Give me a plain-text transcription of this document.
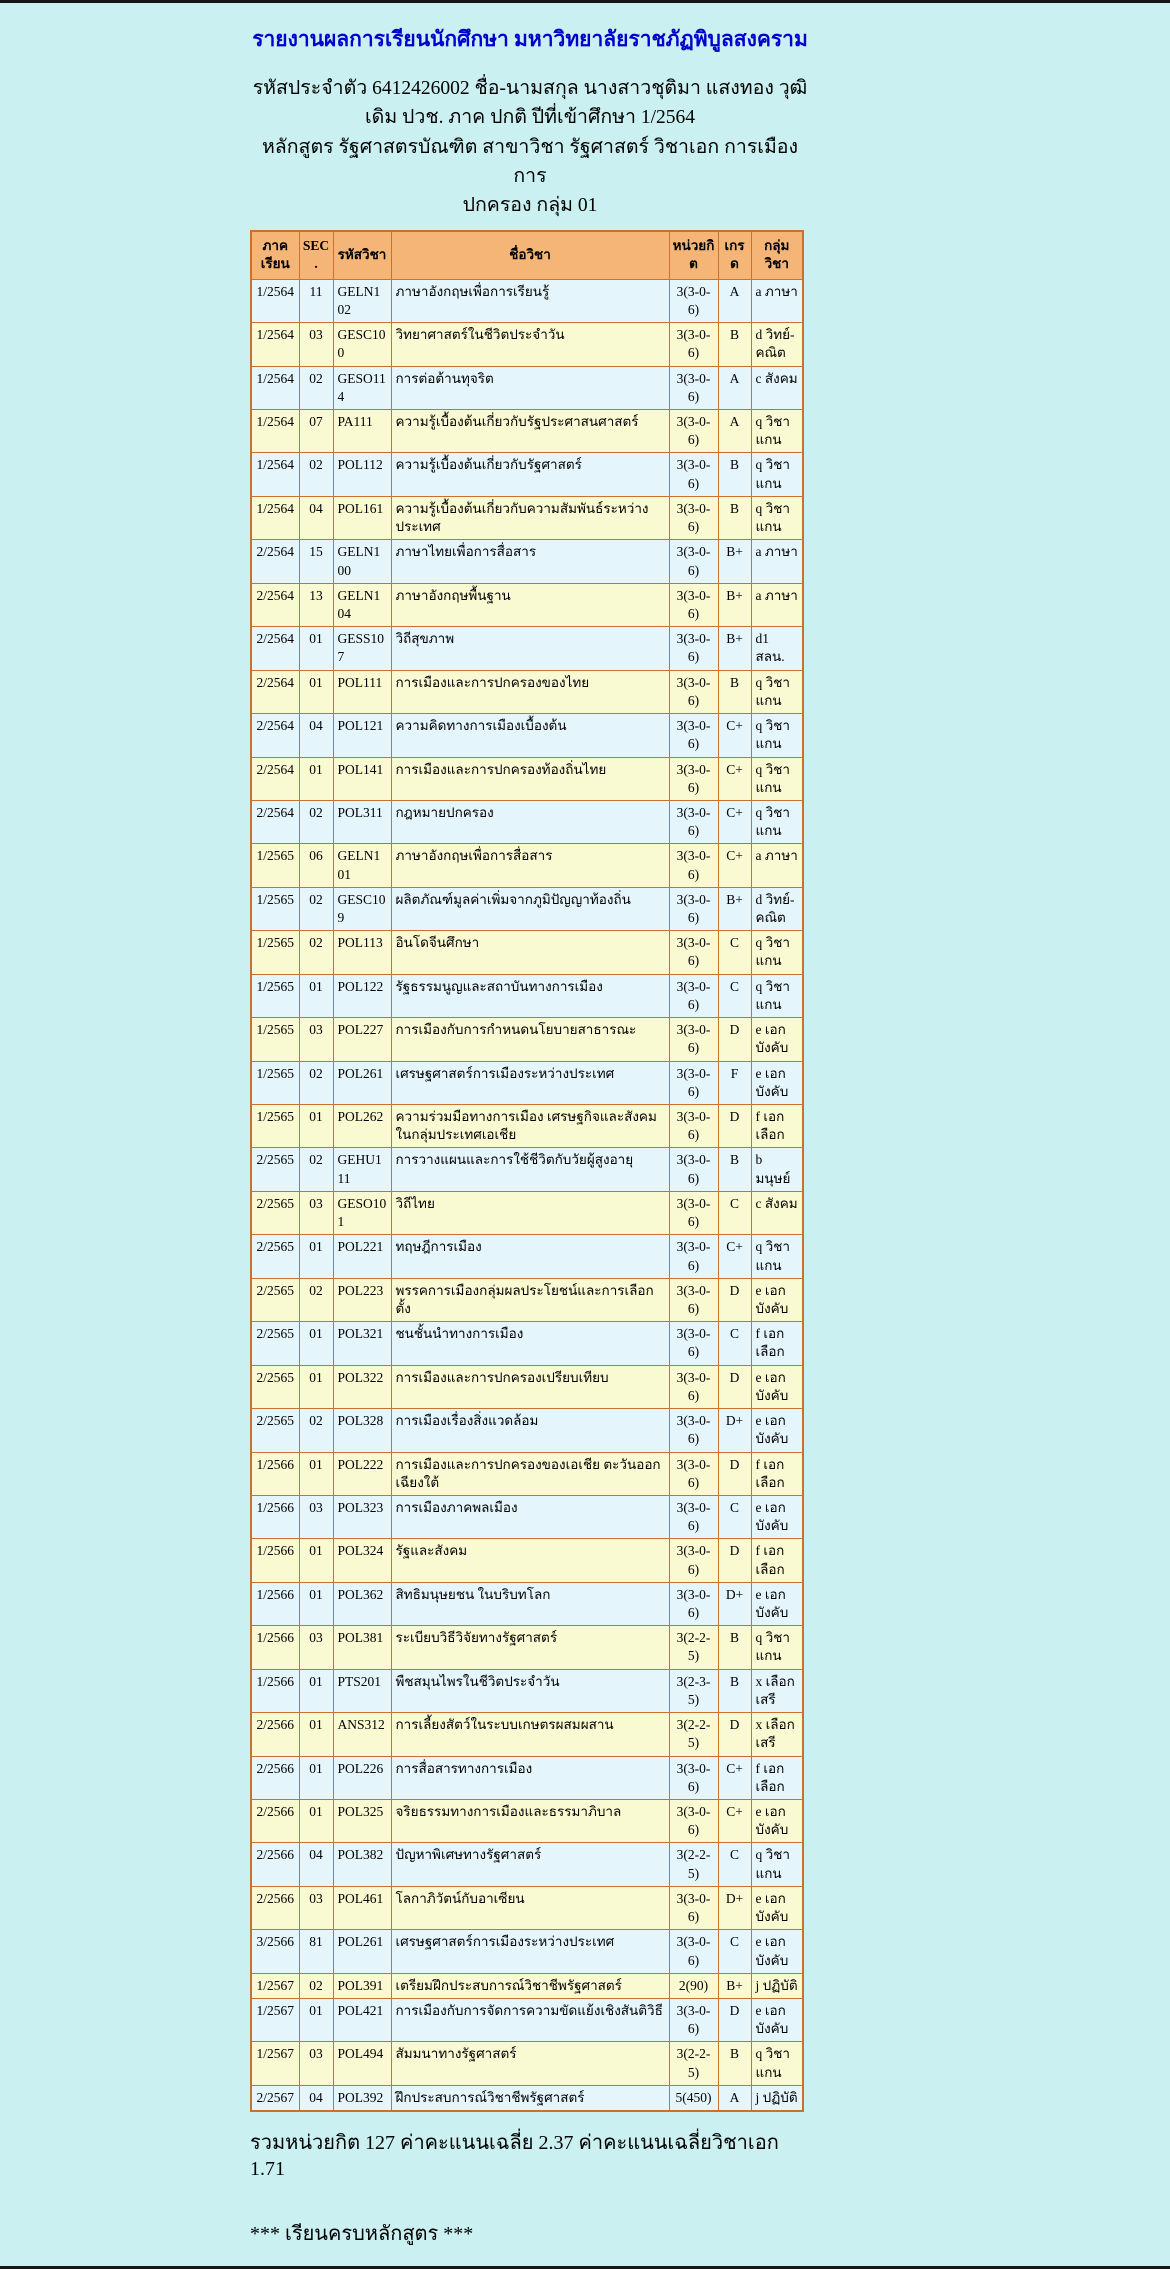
รายงานผลการเรียนนักศึกษา มหาวิทยาลัยราชภัฏพิบูลสงคราม
รหัสประจำตัว 6412426002 ชื่อ-นามสกุล นางสาวชุติมา แสงทอง วุฒิ
เดิม ปวช. ภาค ปกติ ปีที่เข้าศึกษา 1/2564
หลักสูตร รัฐศาสตรบัณฑิต สาขาวิชา รัฐศาสตร์ วิชาเอก การเมืองการ
ปกครอง กลุ่ม 01
ภาคเรียน	SEC.	รหัสวิชา	ชื่อวิชา	หน่วยกิต	เกรด	กลุ่มวิชา
1/2564	11	GELN102	ภาษาอังกฤษเพื่อการเรียนรู้	3(3-0-6)	A	a ภาษา
1/2564	03	GESC100	วิทยาศาสตร์ในชีวิตประจำวัน	3(3-0-6)	B	d วิทย์-คณิต
1/2564	02	GESO114	การต่อต้านทุจริต	3(3-0-6)	A	c สังคม
1/2564	07	PA111	ความรู้เบื้องต้นเกี่ยวกับรัฐประศาสนศาสตร์	3(3-0-6)	A	q วิชาแกน
1/2564	02	POL112	ความรู้เบื้องต้นเกี่ยวกับรัฐศาสตร์	3(3-0-6)	B	q วิชาแกน
1/2564	04	POL161	ความรู้เบื้องต้นเกี่ยวกับความสัมพันธ์ระหว่างประเทศ	3(3-0-6)	B	q วิชาแกน
2/2564	15	GELN100	ภาษาไทยเพื่อการสื่อสาร	3(3-0-6)	B+	a ภาษา
2/2564	13	GELN104	ภาษาอังกฤษพื้นฐาน	3(3-0-6)	B+	a ภาษา
2/2564	01	GESS107	วิถีสุขภาพ	3(3-0-6)	B+	d1 สลน.
2/2564	01	POL111	การเมืองและการปกครองของไทย	3(3-0-6)	B	q วิชาแกน
2/2564	04	POL121	ความคิดทางการเมืองเบื้องต้น	3(3-0-6)	C+	q วิชาแกน
2/2564	01	POL141	การเมืองและการปกครองท้องถิ่นไทย	3(3-0-6)	C+	q วิชาแกน
2/2564	02	POL311	กฎหมายปกครอง	3(3-0-6)	C+	q วิชาแกน
1/2565	06	GELN101	ภาษาอังกฤษเพื่อการสื่อสาร	3(3-0-6)	C+	a ภาษา
1/2565	02	GESC109	ผลิตภัณฑ์มูลค่าเพิ่มจากภูมิปัญญาท้องถิ่น	3(3-0-6)	B+	d วิทย์-คณิต
1/2565	02	POL113	อินโดจีนศึกษา	3(3-0-6)	C	q วิชาแกน
1/2565	01	POL122	รัฐธรรมนูญและสถาบันทางการเมือง	3(3-0-6)	C	q วิชาแกน
1/2565	03	POL227	การเมืองกับการกำหนดนโยบายสาธารณะ	3(3-0-6)	D	e เอกบังคับ
1/2565	02	POL261	เศรษฐศาสตร์การเมืองระหว่างประเทศ	3(3-0-6)	F	e เอกบังคับ
1/2565	01	POL262	ความร่วมมือทางการเมือง เศรษฐกิจและสังคม ในกลุ่มประเทศเอเชีย	3(3-0-6)	D	f เอกเลือก
2/2565	02	GEHU111	การวางแผนและการใช้ชีวิตกับวัยผู้สูงอายุ	3(3-0-6)	B	b มนุษย์
2/2565	03	GESO101	วิถีไทย	3(3-0-6)	C	c สังคม
2/2565	01	POL221	ทฤษฎีการเมือง	3(3-0-6)	C+	q วิชาแกน
2/2565	02	POL223	พรรคการเมืองกลุ่มผลประโยชน์และการเลือกตั้ง	3(3-0-6)	D	e เอกบังคับ
2/2565	01	POL321	ชนชั้นนำทางการเมือง	3(3-0-6)	C	f เอกเลือก
2/2565	01	POL322	การเมืองและการปกครองเปรียบเทียบ	3(3-0-6)	D	e เอกบังคับ
2/2565	02	POL328	การเมืองเรื่องสิ่งแวดล้อม	3(3-0-6)	D+	e เอกบังคับ
1/2566	01	POL222	การเมืองและการปกครองของเอเชีย ตะวันออกเฉียงใต้	3(3-0-6)	D	f เอกเลือก
1/2566	03	POL323	การเมืองภาคพลเมือง	3(3-0-6)	C	e เอกบังคับ
1/2566	01	POL324	รัฐและสังคม	3(3-0-6)	D	f เอกเลือก
1/2566	01	POL362	สิทธิมนุษยชน ในบริบทโลก	3(3-0-6)	D+	e เอกบังคับ
1/2566	03	POL381	ระเบียบวิธีวิจัยทางรัฐศาสตร์	3(2-2-5)	B	q วิชาแกน
1/2566	01	PTS201	พืชสมุนไพรในชีวิตประจำวัน	3(2-3-5)	B	x เลือกเสรี
2/2566	01	ANS312	การเลี้ยงสัตว์ในระบบเกษตรผสมผสาน	3(2-2-5)	D	x เลือกเสรี
2/2566	01	POL226	การสื่อสารทางการเมือง	3(3-0-6)	C+	f เอกเลือก
2/2566	01	POL325	จริยธรรมทางการเมืองและธรรมาภิบาล	3(3-0-6)	C+	e เอกบังคับ
2/2566	04	POL382	ปัญหาพิเศษทางรัฐศาสตร์	3(2-2-5)	C	q วิชาแกน
2/2566	03	POL461	โลกาภิวัตน์กับอาเซียน	3(3-0-6)	D+	e เอกบังคับ
3/2566	81	POL261	เศรษฐศาสตร์การเมืองระหว่างประเทศ	3(3-0-6)	C	e เอกบังคับ
1/2567	02	POL391	เตรียมฝึกประสบการณ์วิชาชีพรัฐศาสตร์	2(90)	B+	j ปฏิบัติ
1/2567	01	POL421	การเมืองกับการจัดการความขัดแย้งเชิงสันติวิธี	3(3-0-6)	D	e เอกบังคับ
1/2567	03	POL494	สัมมนาทางรัฐศาสตร์	3(2-2-5)	B	q วิชาแกน
2/2567	04	POL392	ฝึกประสบการณ์วิชาชีพรัฐศาสตร์	5(450)	A	j ปฏิบัติ
รวมหน่วยกิต 127 ค่าคะแนนเฉลี่ย 2.37 ค่าคะแนนเฉลี่ยวิชาเอก 1.71
*** เรียนครบหลักสูตร ***
